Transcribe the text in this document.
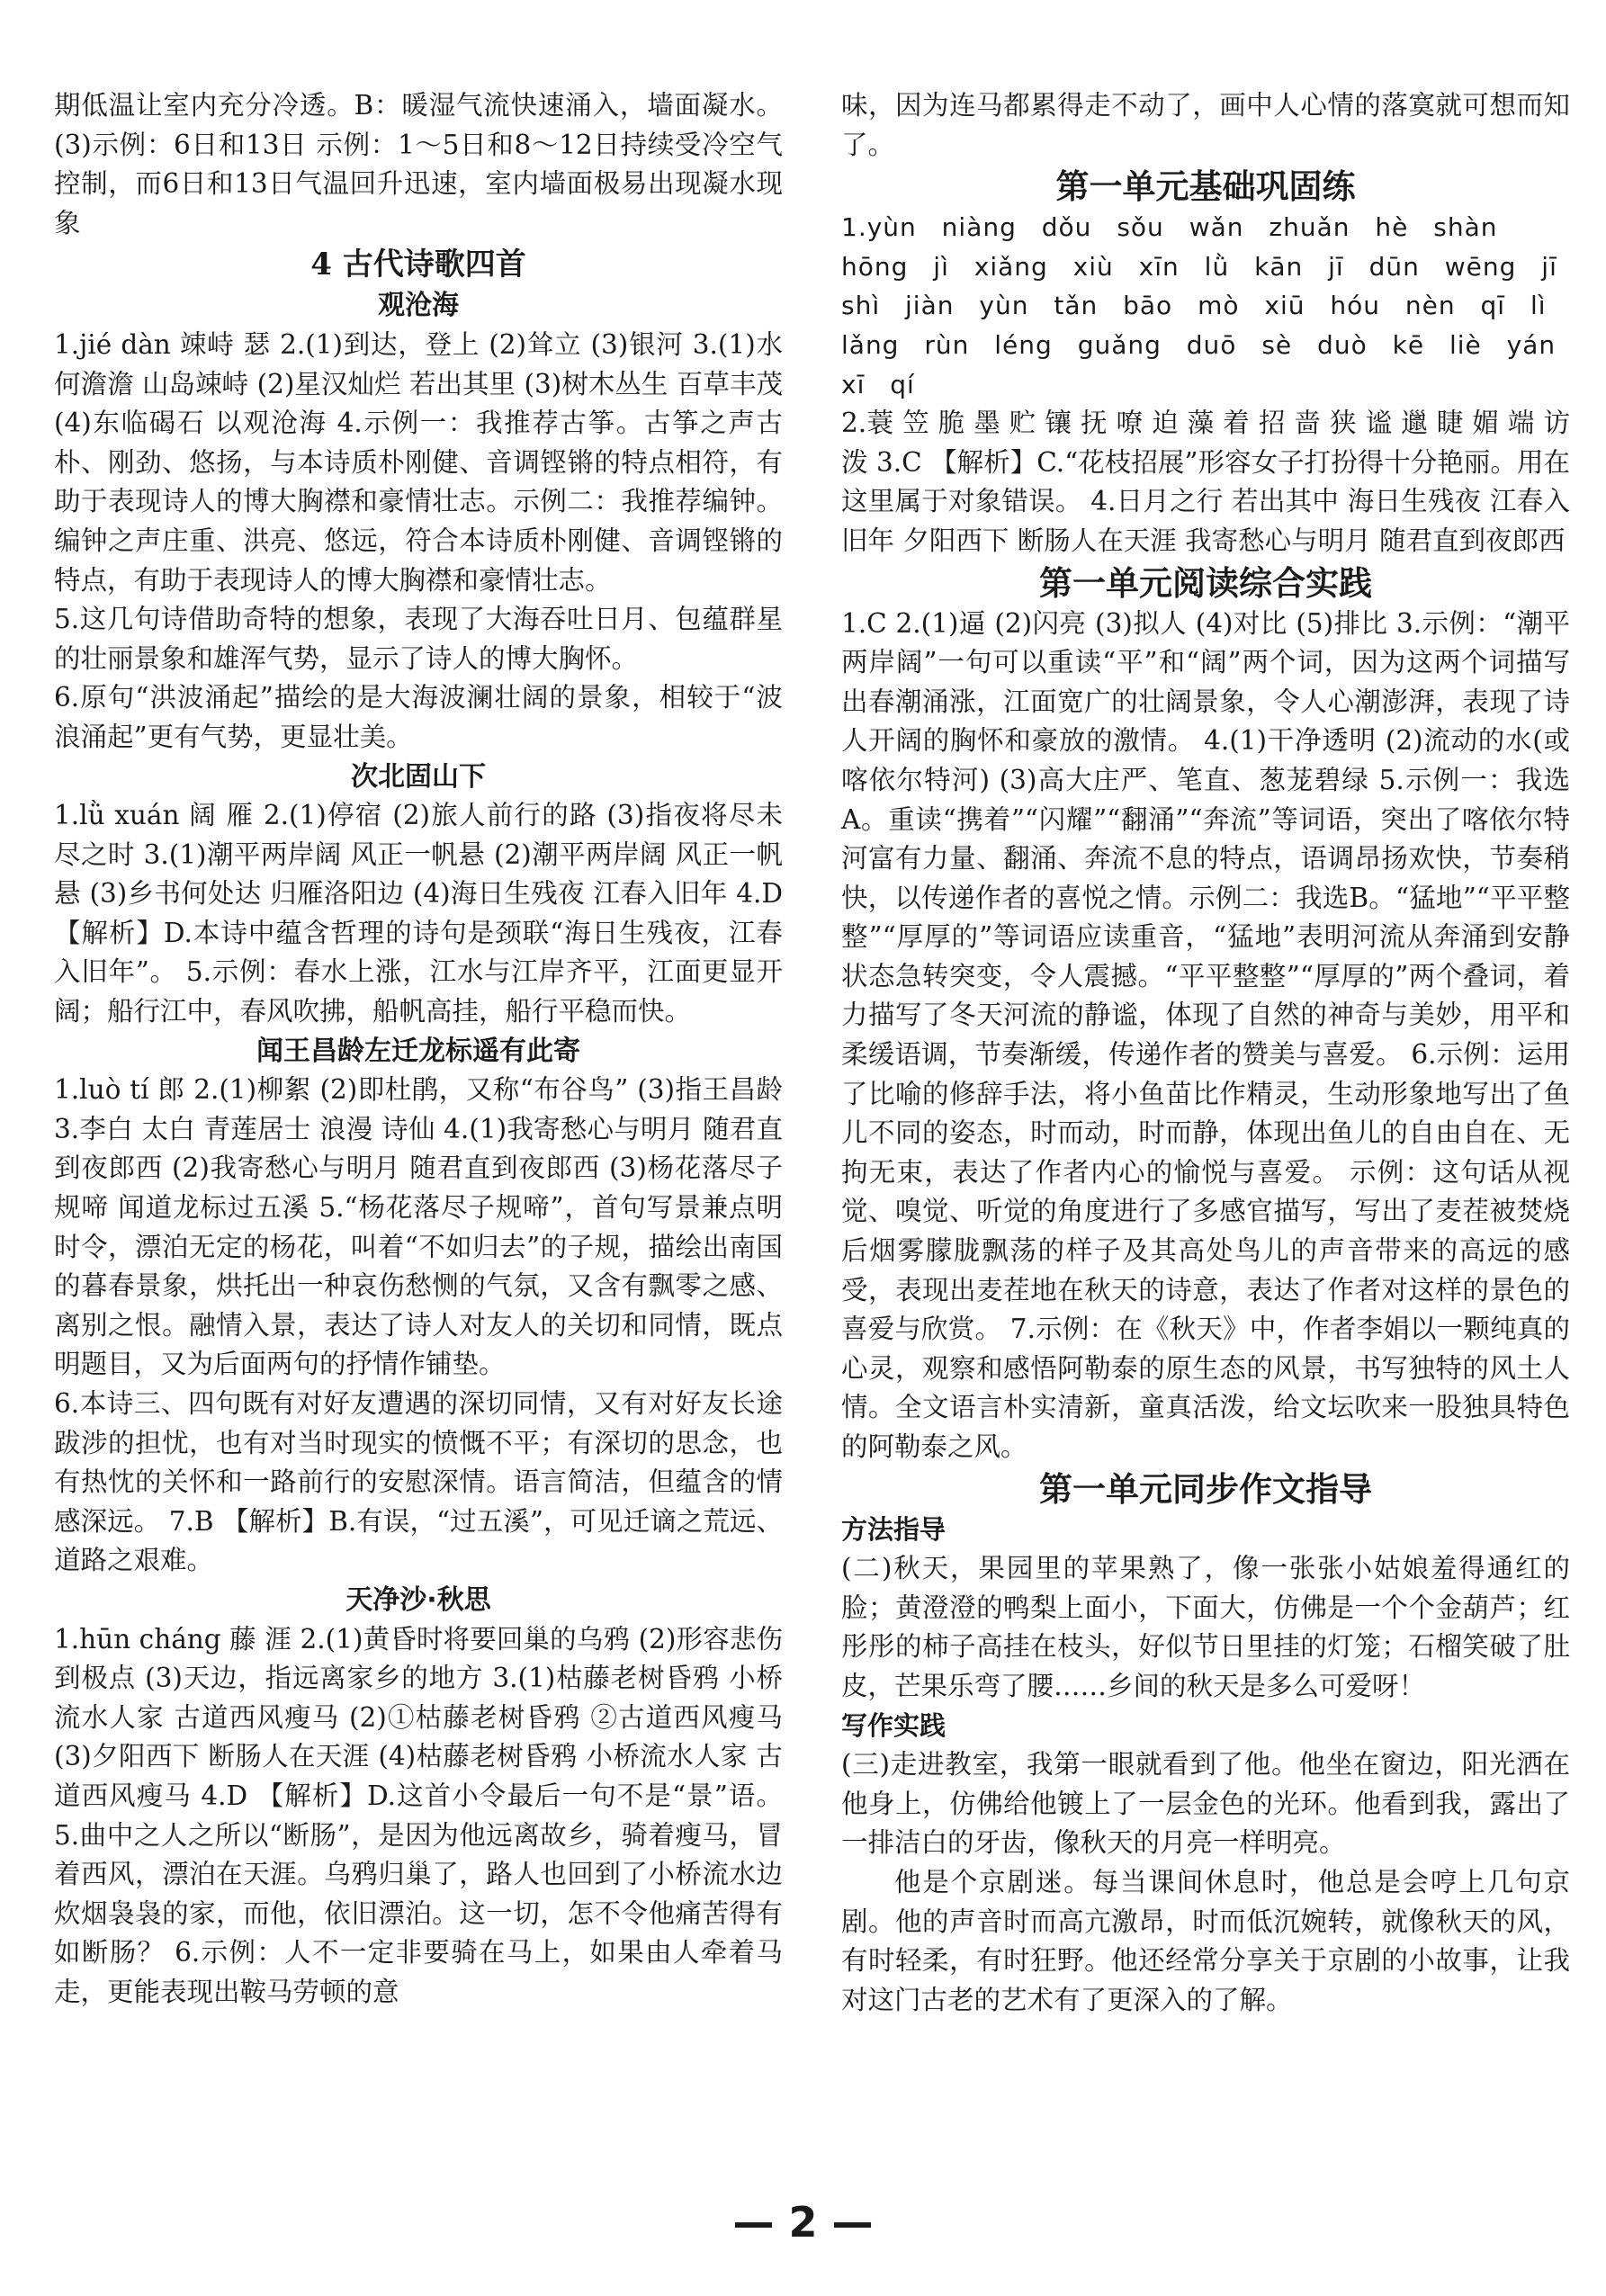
期低温让室内充分冷透。B：暖湿气流快速涌入，墙面凝水。 (3)示例：6日和13日 示例：1～5日和8～12日持续受冷空气控制，而6日和13日气温回升迅速，室内墙面极易出现凝水现象
4 古代诗歌四首
观沧海
1.jié dàn 竦峙 瑟 2.(1)到达，登上 (2)耸立 (3)银河 3.(1)水何澹澹 山岛竦峙 (2)星汉灿烂 若出其里 (3)树木丛生 百草丰茂 (4)东临碣石 以观沧海 4.示例一：我推荐古筝。古筝之声古朴、刚劲、悠扬，与本诗质朴刚健、音调铿锵的特点相符，有助于表现诗人的博大胸襟和豪情壮志。示例二：我推荐编钟。编钟之声庄重、洪亮、悠远，符合本诗质朴刚健、音调铿锵的特点，有助于表现诗人的博大胸襟和豪情壮志。
5.这几句诗借助奇特的想象，表现了大海吞吐日月、包蕴群星的壮丽景象和雄浑气势，显示了诗人的博大胸怀。
6.原句“洪波涌起”描绘的是大海波澜壮阔的景象，相较于“波浪涌起”更有气势，更显壮美。
次北固山下
1.lǜ xuán 阔 雁 2.(1)停宿 (2)旅人前行的路 (3)指夜将尽未尽之时 3.(1)潮平两岸阔 风正一帆悬 (2)潮平两岸阔 风正一帆悬 (3)乡书何处达 归雁洛阳边 (4)海日生残夜 江春入旧年 4.D 【解析】D.本诗中蕴含哲理的诗句是颈联“海日生残夜，江春入旧年”。 5.示例：春水上涨，江水与江岸齐平，江面更显开阔；船行江中，春风吹拂，船帆高挂，船行平稳而快。
闻王昌龄左迁龙标遥有此寄
1.luò tí 郎 2.(1)柳絮 (2)即杜鹃，又称“布谷鸟” (3)指王昌龄 3.李白 太白 青莲居士 浪漫 诗仙 4.(1)我寄愁心与明月 随君直到夜郎西 (2)我寄愁心与明月 随君直到夜郎西 (3)杨花落尽子规啼 闻道龙标过五溪 5.“杨花落尽子规啼”，首句写景兼点明时令，漂泊无定的杨花，叫着“不如归去”的子规，描绘出南国的暮春景象，烘托出一种哀伤愁恻的气氛，又含有飘零之感、离别之恨。融情入景，表达了诗人对友人的关切和同情，既点明题目，又为后面两句的抒情作铺垫。
6.本诗三、四句既有对好友遭遇的深切同情，又有对好友长途跋涉的担忧，也有对当时现实的愤慨不平；有深切的思念，也有热忱的关怀和一路前行的安慰深情。语言简洁，但蕴含的情感深远。 7.B 【解析】B.有误，“过五溪”，可见迁谪之荒远、道路之艰难。
天净沙·秋思
1.hūn cháng 藤 涯 2.(1)黄昏时将要回巢的乌鸦 (2)形容悲伤到极点 (3)天边，指远离家乡的地方 3.(1)枯藤老树昏鸦 小桥流水人家 古道西风瘦马 (2)①枯藤老树昏鸦 ②古道西风瘦马 (3)夕阳西下 断肠人在天涯 (4)枯藤老树昏鸦 小桥流水人家 古道西风瘦马 4.D 【解析】D.这首小令最后一句不是“景”语。 5.曲中之人之所以“断肠”，是因为他远离故乡，骑着瘦马，冒着西风，漂泊在天涯。乌鸦归巢了，路人也回到了小桥流水边炊烟袅袅的家，而他，依旧漂泊。这一切，怎不令他痛苦得有如断肠？ 6.示例：人不一定非要骑在马上，如果由人牵着马走，更能表现出鞍马劳顿的意
味，因为连马都累得走不动了，画中人心情的落寞就可想而知了。
第一单元基础巩固练
1.yùn niàng dǒu sǒu wǎn zhuǎn hè shàn hōng jì xiǎng xiù xīn lǜ kān jī dūn wēng jī shì jiàn yùn tǎn bāo mò xiū hóu nèn qī lì lǎng rùn léng guǎng duō sè duò kē liè yán xī qí
2.蓑 笠 脆 墨 贮 镶 抚 嘹 迫 藻 着 招 啬 狭 谧 邋 睫 媚 端 访 泼 3.C 【解析】C.“花枝招展”形容女子打扮得十分艳丽。用在这里属于对象错误。 4.日月之行 若出其中 海日生残夜 江春入旧年 夕阳西下 断肠人在天涯 我寄愁心与明月 随君直到夜郎西
第一单元阅读综合实践
1.C 2.(1)逼 (2)闪亮 (3)拟人 (4)对比 (5)排比 3.示例：“潮平两岸阔”一句可以重读“平”和“阔”两个词，因为这两个词描写出春潮涌涨，江面宽广的壮阔景象，令人心潮澎湃，表现了诗人开阔的胸怀和豪放的激情。 4.(1)干净透明 (2)流动的水(或喀依尔特河) (3)高大庄严、笔直、葱茏碧绿 5.示例一：我选A。重读“携着”“闪耀”“翻涌”“奔流”等词语，突出了喀依尔特河富有力量、翻涌、奔流不息的特点，语调昂扬欢快，节奏稍快，以传递作者的喜悦之情。示例二：我选B。“猛地”“平平整整”“厚厚的”等词语应读重音，“猛地”表明河流从奔涌到安静状态急转突变，令人震撼。“平平整整”“厚厚的”两个叠词，着力描写了冬天河流的静谧，体现了自然的神奇与美妙，用平和柔缓语调，节奏渐缓，传递作者的赞美与喜爱。 6.示例：运用了比喻的修辞手法，将小鱼苗比作精灵，生动形象地写出了鱼儿不同的姿态，时而动，时而静，体现出鱼儿的自由自在、无拘无束，表达了作者内心的愉悦与喜爱。 示例：这句话从视觉、嗅觉、听觉的角度进行了多感官描写，写出了麦茬被焚烧后烟雾朦胧飘荡的样子及其高处鸟儿的声音带来的高远的感受，表现出麦茬地在秋天的诗意，表达了作者对这样的景色的喜爱与欣赏。 7.示例：在《秋天》中，作者李娟以一颗纯真的心灵，观察和感悟阿勒泰的原生态的风景，书写独特的风土人情。全文语言朴实清新，童真活泼，给文坛吹来一股独具特色的阿勒泰之风。
第一单元同步作文指导
方法指导
(二)秋天，果园里的苹果熟了，像一张张小姑娘羞得通红的脸；黄澄澄的鸭梨上面小，下面大，仿佛是一个个金葫芦；红彤彤的柿子高挂在枝头，好似节日里挂的灯笼；石榴笑破了肚皮，芒果乐弯了腰……乡间的秋天是多么可爱呀！
写作实践
(三)走进教室，我第一眼就看到了他。他坐在窗边，阳光洒在他身上，仿佛给他镀上了一层金色的光环。他看到我，露出了一排洁白的牙齿，像秋天的月亮一样明亮。
他是个京剧迷。每当课间休息时，他总是会哼上几句京剧。他的声音时而高亢激昂，时而低沉婉转，就像秋天的风，有时轻柔，有时狂野。他还经常分享关于京剧的小故事，让我对这门古老的艺术有了更深入的了解。
— 2 —
